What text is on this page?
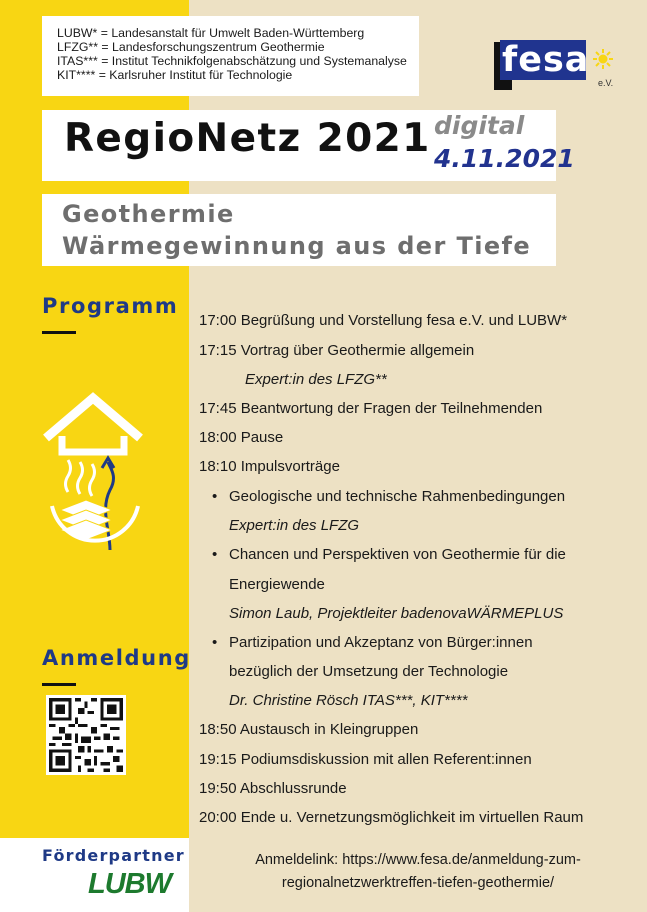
LUBW* = Landesanstalt für Umwelt Baden-Württemberg
LFZG** = Landesforschungszentrum Geothermie
ITAS*** = Institut Technikfolgenabschätzung und Systemanalyse
KIT**** = Karlsruher Institut für Technologie	fesa
e.V.
RegioNetz 2021 digital
4.11.2021
Geothermie
Wärmegewinnung aus der Tiefe
Programm
Anmeldung
Förderpartner
LUBW
17:00 Begrüßung und Vorstellung fesa e.V. und LUBW*
17:15 Vortrag über Geothermie allgemein
Expert:in des LFZG**
17:45 Beantwortung der Fragen der Teilnehmenden
18:00 Pause
18:10 Impulsvorträge
• Geologische und technische Rahmenbedingungen
Expert:in des LFZG
• Chancen und Perspektiven von Geothermie für die
Energiewende
Simon Laub, Projektleiter badenovaWÄRMEPLUS
• Partizipation und Akzeptanz von Bürger:innen
bezüglich der Umsetzung der Technologie
Dr. Christine Rösch ITAS***, KIT****
18:50 Austausch in Kleingruppen
19:15 Podiumsdiskussion mit allen Referent:innen
19:50 Abschlussrunde
20:00 Ende u. Vernetzungsmöglichkeit im virtuellen Raum
Anmeldelink: https://www.fesa.de/anmeldung-zum-
regionalnetzwerktreffen-tiefen-geothermie/
